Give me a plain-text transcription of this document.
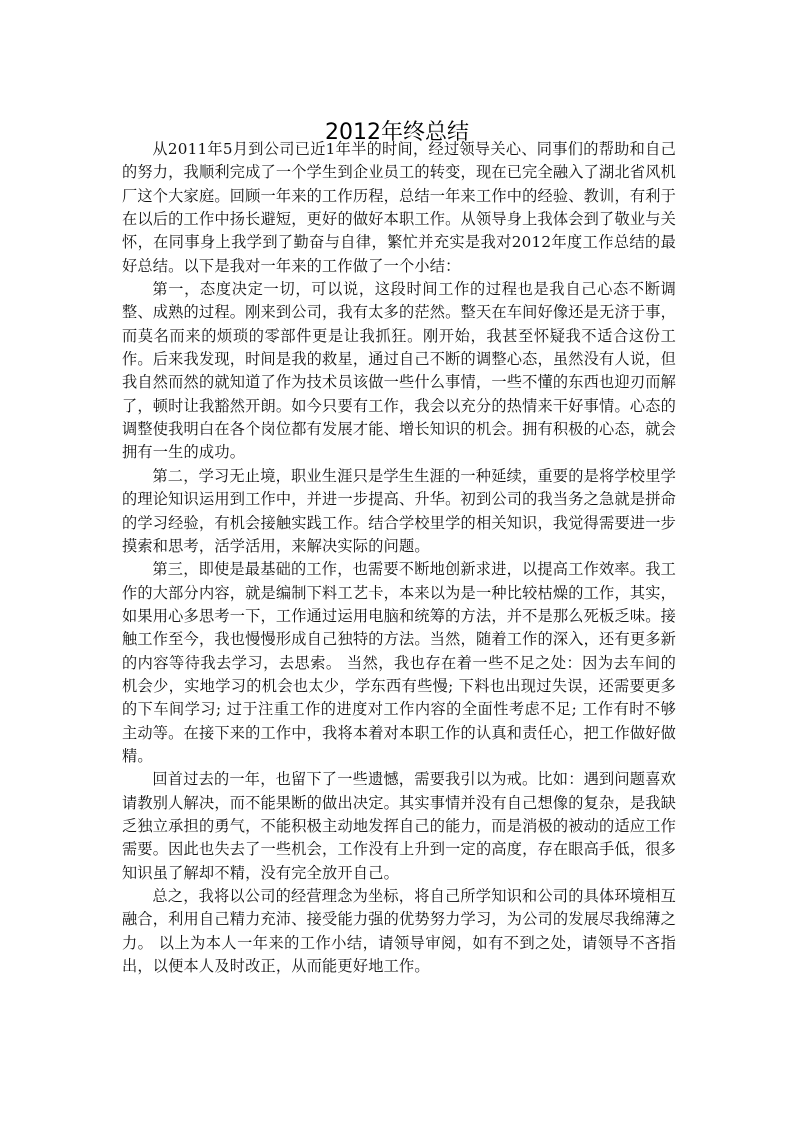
2012年终总结

从2011年5月到公司已近1年半的时间，经过领导关心、同事们的帮助和自己的努力，我顺利完成了一个学生到企业员工的转变，现在已完全融入了湖北省风机厂这个大家庭。回顾一年来的工作历程，总结一年来工作中的经验、教训，有利于在以后的工作中扬长避短，更好的做好本职工作。从领导身上我体会到了敬业与关怀，在同事身上我学到了勤奋与自律，繁忙并充实是我对2012年度工作总结的最好总结。以下是我对一年来的工作做了一个小结：

第一，态度决定一切，可以说，这段时间工作的过程也是我自己心态不断调整、成熟的过程。刚来到公司，我有太多的茫然。整天在车间好像还是无济于事，而莫名而来的烦琐的零部件更是让我抓狂。刚开始，我甚至怀疑我不适合这份工作。后来我发现，时间是我的救星，通过自己不断的调整心态，虽然没有人说，但我自然而然的就知道了作为技术员该做一些什么事情，一些不懂的东西也迎刃而解了，顿时让我豁然开朗。如今只要有工作，我会以充分的热情来干好事情。心态的调整使我明白在各个岗位都有发展才能、增长知识的机会。拥有积极的心态，就会拥有一生的成功。

第二，学习无止境，职业生涯只是学生生涯的一种延续，重要的是将学校里学的理论知识运用到工作中，并进一步提高、升华。初到公司的我当务之急就是拼命的学习经验，有机会接触实践工作。结合学校里学的相关知识，我觉得需要进一步摸索和思考，活学活用，来解决实际的问题。

第三，即使是最基础的工作，也需要不断地创新求进，以提高工作效率。我工作的大部分内容，就是编制下料工艺卡，本来以为是一种比较枯燥的工作，其实，如果用心多思考一下，工作通过运用电脑和统筹的方法，并不是那么死板乏味。接触工作至今，我也慢慢形成自己独特的方法。当然，随着工作的深入，还有更多新的内容等待我去学习，去思索。 当然，我也存在着一些不足之处：因为去车间的机会少，实地学习的机会也太少，学东西有些慢; 下料也出现过失误，还需要更多的下车间学习; 过于注重工作的进度对工作内容的全面性考虑不足; 工作有时不够主动等。在接下来的工作中，我将本着对本职工作的认真和责任心，把工作做好做精。

回首过去的一年，也留下了一些遗憾，需要我引以为戒。比如：遇到问题喜欢请教别人解决，而不能果断的做出决定。其实事情并没有自己想像的复杂，是我缺乏独立承担的勇气，不能积极主动地发挥自己的能力，而是消极的被动的适应工作需要。因此也失去了一些机会，工作没有上升到一定的高度，存在眼高手低，很多知识虽了解却不精，没有完全放开自己。

总之，我将以公司的经营理念为坐标，将自己所学知识和公司的具体环境相互融合，利用自己精力充沛、接受能力强的优势努力学习，为公司的发展尽我绵薄之力。 以上为本人一年来的工作小结，请领导审阅，如有不到之处，请领导不吝指出，以便本人及时改正，从而能更好地工作。
